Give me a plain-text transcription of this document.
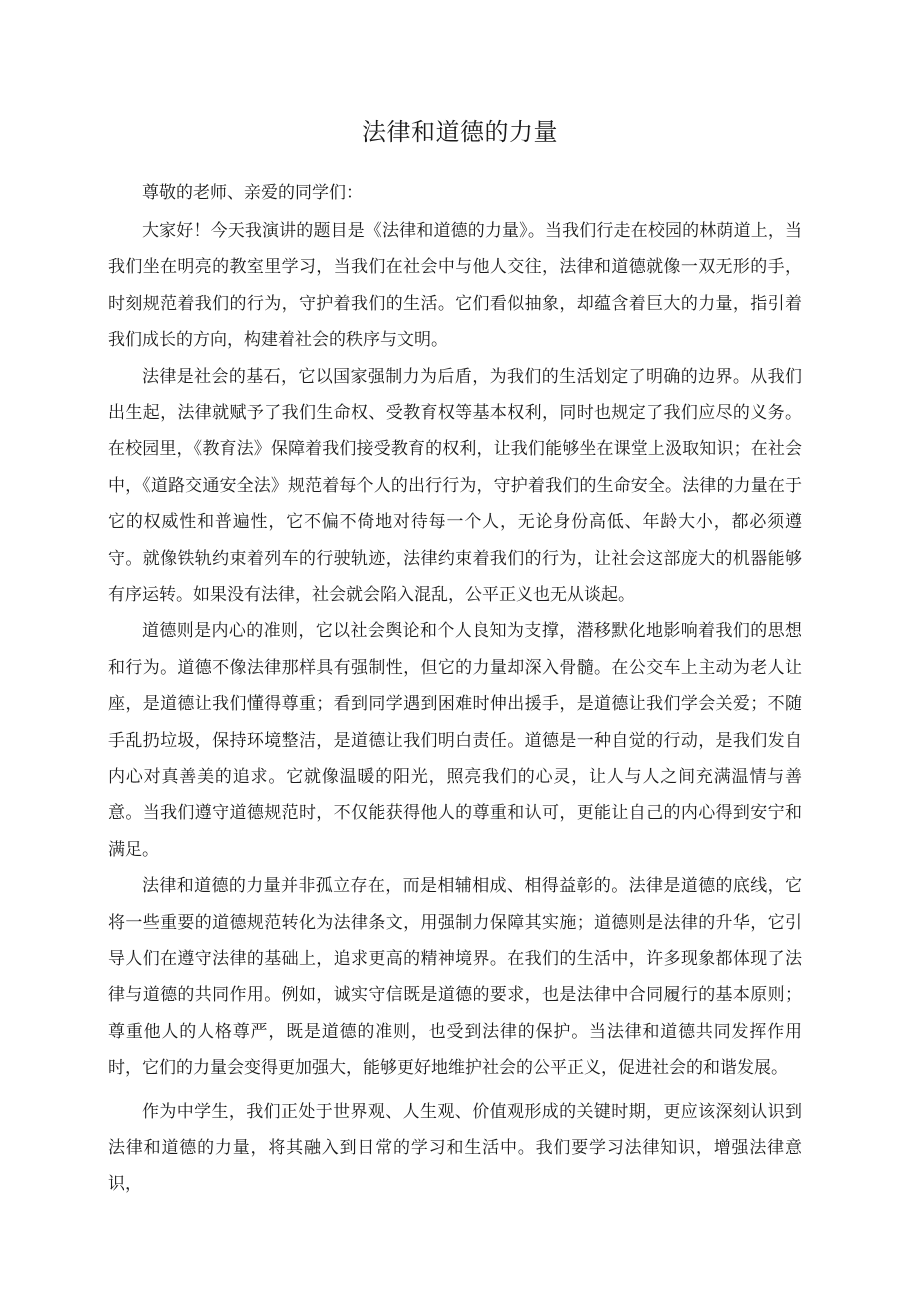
法律和道德的力量

尊敬的老师、亲爱的同学们：

大家好！今天我演讲的题目是《法律和道德的力量》。当我们行走在校园的林荫道上，当我们坐在明亮的教室里学习，当我们在社会中与他人交往，法律和道德就像一双无形的手，时刻规范着我们的行为，守护着我们的生活。它们看似抽象，却蕴含着巨大的力量，指引着我们成长的方向，构建着社会的秩序与文明。

法律是社会的基石，它以国家强制力为后盾，为我们的生活划定了明确的边界。从我们出生起，法律就赋予了我们生命权、受教育权等基本权利，同时也规定了我们应尽的义务。在校园里，《教育法》保障着我们接受教育的权利，让我们能够坐在课堂上汲取知识；在社会中，《道路交通安全法》规范着每个人的出行行为，守护着我们的生命安全。法律的力量在于它的权威性和普遍性，它不偏不倚地对待每一个人，无论身份高低、年龄大小，都必须遵守。就像铁轨约束着列车的行驶轨迹，法律约束着我们的行为，让社会这部庞大的机器能够有序运转。如果没有法律，社会就会陷入混乱，公平正义也无从谈起。

道德则是内心的准则，它以社会舆论和个人良知为支撑，潜移默化地影响着我们的思想和行为。道德不像法律那样具有强制性，但它的力量却深入骨髓。在公交车上主动为老人让座，是道德让我们懂得尊重；看到同学遇到困难时伸出援手，是道德让我们学会关爱；不随手乱扔垃圾，保持环境整洁，是道德让我们明白责任。道德是一种自觉的行动，是我们发自内心对真善美的追求。它就像温暖的阳光，照亮我们的心灵，让人与人之间充满温情与善意。当我们遵守道德规范时，不仅能获得他人的尊重和认可，更能让自己的内心得到安宁和满足。

法律和道德的力量并非孤立存在，而是相辅相成、相得益彰的。法律是道德的底线，它将一些重要的道德规范转化为法律条文，用强制力保障其实施；道德则是法律的升华，它引导人们在遵守法律的基础上，追求更高的精神境界。在我们的生活中，许多现象都体现了法律与道德的共同作用。例如，诚实守信既是道德的要求，也是法律中合同履行的基本原则；尊重他人的人格尊严，既是道德的准则，也受到法律的保护。当法律和道德共同发挥作用时，它们的力量会变得更加强大，能够更好地维护社会的公平正义，促进社会的和谐发展。

作为中学生，我们正处于世界观、人生观、价值观形成的关键时期，更应该深刻认识到法律和道德的力量，将其融入到日常的学习和生活中。我们要学习法律知识，增强法律意识，
